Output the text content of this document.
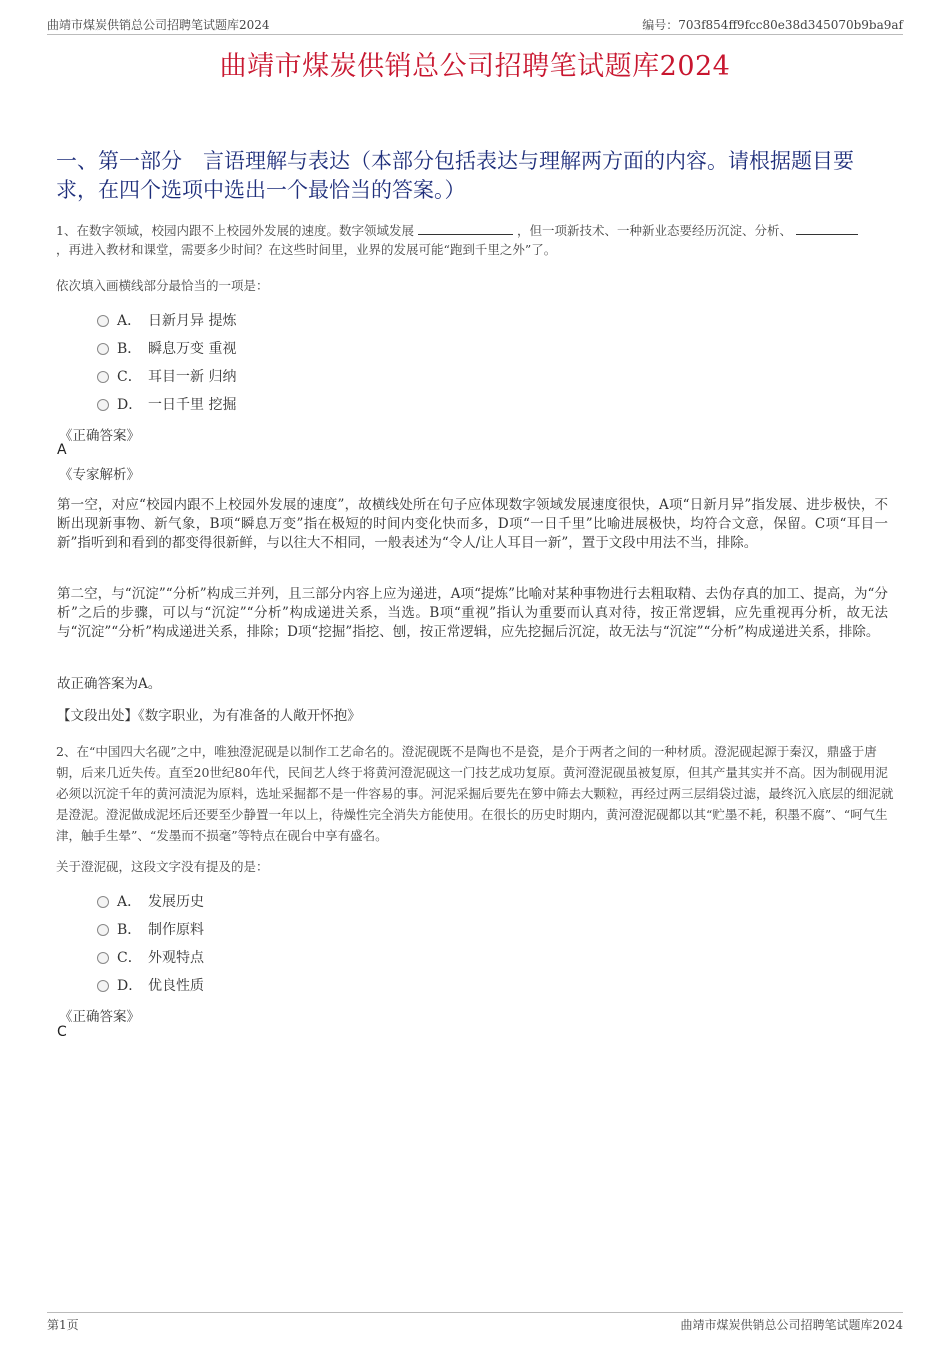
曲靖市煤炭供销总公司招聘笔试题库2024	编号：703f854ff9fcc80e38d345070b9ba9af
曲靖市煤炭供销总公司招聘笔试题库2024
一、第一部分　言语理解与表达（本部分包括表达与理解两方面的内容。请根据题目要求，在四个选项中选出一个最恰当的答案。）
1、在数字领域，校园内跟不上校园外发展的速度。数字领域发展	，但一项新技术、一种新业态要经历沉淀、分析、
，再进入教材和课堂，需要多少时间？在这些时间里，业界的发展可能“跑到千里之外”了。
依次填入画横线部分最恰当的一项是：
A． 日新月异 提炼
B． 瞬息万变 重视
C． 耳目一新 归纳
D． 一日千里 挖掘
《正确答案》
A
《专家解析》
第一空，对应“校园内跟不上校园外发展的速度”，故横线处所在句子应体现数字领域发展速度很快，A项“日新月异”指发展、进步极快，不断出现新事物、新气象，B项“瞬息万变”指在极短的时间内变化快而多，D项“一日千里”比喻进展极快，均符合文意，保留。C项“耳目一新”指听到和看到的都变得很新鲜，与以往大不相同，一般表述为“令人/让人耳目一新”，置于文段中用法不当，排除。
第二空，与“沉淀”“分析”构成三并列，且三部分内容上应为递进，A项“提炼”比喻对某种事物进行去粗取精、去伪存真的加工、提高，为“分析”之后的步骤，可以与“沉淀”“分析”构成递进关系，当选。B项“重视”指认为重要而认真对待，按正常逻辑，应先重视再分析，故无法与“沉淀”“分析”构成递进关系，排除；D项“挖掘”指挖、刨，按正常逻辑，应先挖掘后沉淀，故无法与“沉淀”“分析”构成递进关系，排除。
故正确答案为A。
【文段出处】《数字职业，为有准备的人敞开怀抱》
2、在“中国四大名砚”之中，唯独澄泥砚是以制作工艺命名的。澄泥砚既不是陶也不是瓷，是介于两者之间的一种材质。澄泥砚起源于秦汉，鼎盛于唐朝，后来几近失传。直至20世纪80年代，民间艺人终于将黄河澄泥砚这一门技艺成功复原。黄河澄泥砚虽被复原，但其产量其实并不高。因为制砚用泥必须以沉淀千年的黄河渍泥为原料，选址采掘都不是一件容易的事。河泥采掘后要先在箩中筛去大颗粒，再经过两三层绢袋过滤，最终沉入底层的细泥就是澄泥。澄泥做成泥坯后还要至少静置一年以上，待燥性完全消失方能使用。在很长的历史时期内，黄河澄泥砚都以其“贮墨不耗，积墨不腐”、“呵气生津，触手生晕”、“发墨而不损毫”等特点在砚台中享有盛名。
关于澄泥砚，这段文字没有提及的是：
A． 发展历史
B． 制作原料
C． 外观特点
D． 优良性质
《正确答案》
C
第1页	曲靖市煤炭供销总公司招聘笔试题库2024
